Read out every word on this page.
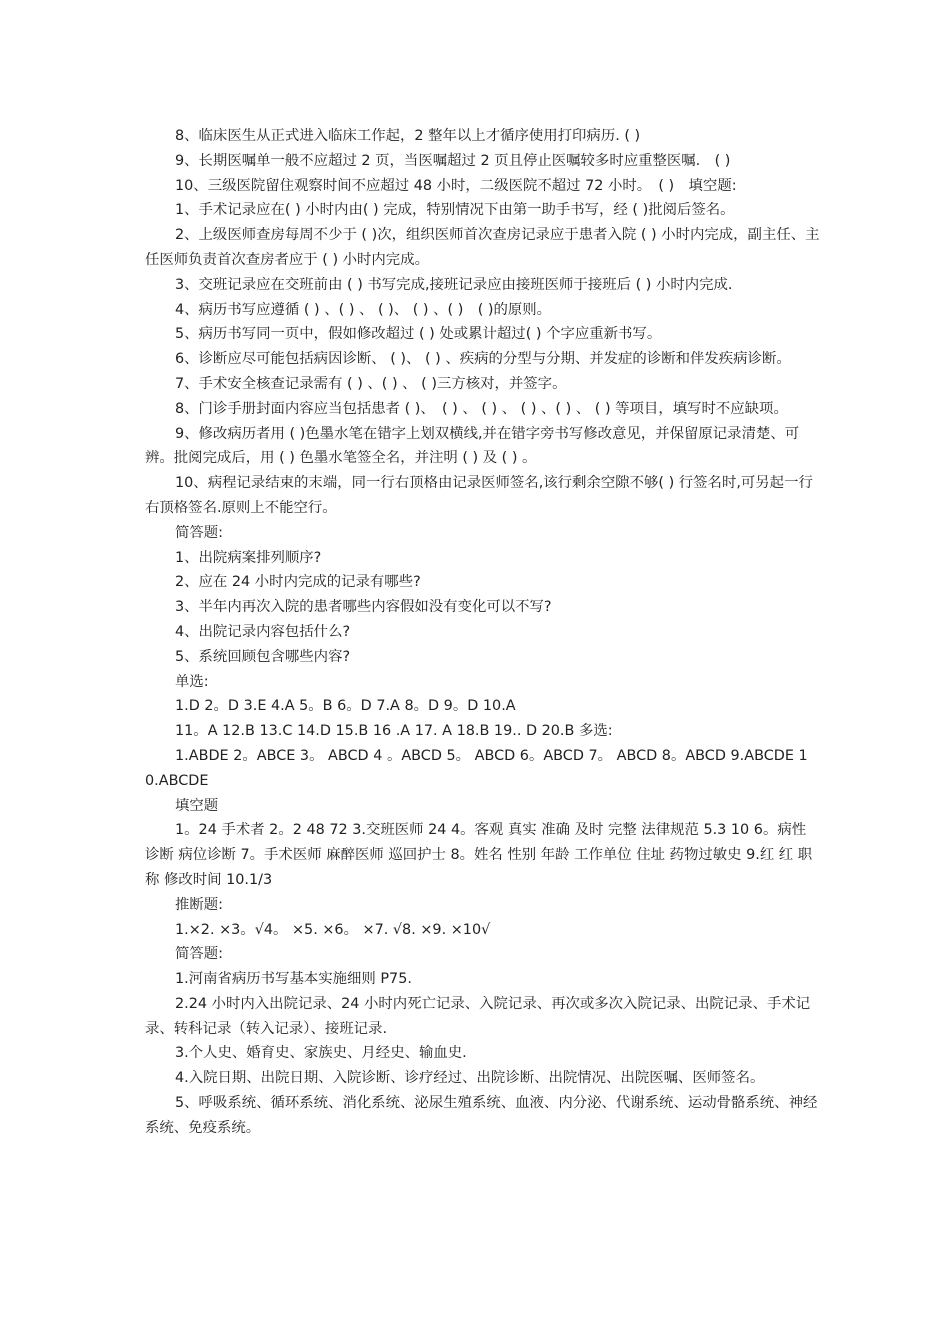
8、临床医生从正式进入临床工作起，2 整年以上才循序使用打印病历. ( )

9、长期医嘱单一般不应超过 2 页，当医嘱超过 2 页且停止医嘱较多时应重整医嘱.　( )

10、三级医院留住观察时间不应超过 48 小时，二级医院不超过 72 小时。　( )　填空题:

1、手术记录应在( ) 小时内由( ) 完成，特别情况下由第一助手书写，经 ( )批阅后签名。

2、上级医师查房每周不少于 ( )次，组织医师首次查房记录应于患者入院 ( ) 小时内完成，副主任、主任医师负责首次查房者应于 ( ) 小时内完成。

3、交班记录应在交班前由 ( ) 书写完成,接班记录应由接班医师于接班后 ( ) 小时内完成.

4、病历书写应遵循 ( ) 、( ) 、 ( )、 ( ) 、( )　( )的原则。

5、病历书写同一页中，假如修改超过 ( ) 处或累计超过( ) 个字应重新书写。

6、诊断应尽可能包括病因诊断、 ( )、 ( ) 、疾病的分型与分期、并发症的诊断和伴发疾病诊断。

7、手术安全核查记录需有 ( ) 、( ) 、 ( )三方核对，并签字。

8、门诊手册封面内容应当包括患者 ( )、　( ) 、 ( ) 、 ( ) 、( ) 、 ( ) 等项目，填写时不应缺项。

9、修改病历者用 ( )色墨水笔在错字上划双横线,并在错字旁书写修改意见，并保留原记录清楚、可辨。批阅完成后，用 ( ) 色墨水笔签全名，并注明 ( ) 及 ( ) 。

10、病程记录结束的末端，同一行右顶格由记录医师签名,该行剩余空隙不够( ) 行签名时,可另起一行右顶格签名.原则上不能空行。

简答题:

1、出院病案排列顺序?

2、应在 24 小时内完成的记录有哪些?

3、半年内再次入院的患者哪些内容假如没有变化可以不写?

4、出院记录内容包括什么?

5、系统回顾包含哪些内容?

单选:

1.D 2。D 3.E 4.A 5。B 6。D 7.A 8。D 9。D 10.A

11。A 12.B 13.C 14.D 15.B 16 .A 17. A 18.B 19.. D 20.B 多选:

1.ABDE 2。ABCE 3。 ABCD 4 。ABCD 5。 ABCD 6。ABCD 7。 ABCD 8。ABCD 9.ABCDE 10.ABCDE

填空题

1。24 手术者 2。2 48 72 3.交班医师 24 4。客观 真实 准确 及时 完整 法律规范 5.3 10 6。病性诊断 病位诊断 7。手术医师 麻醉医师 巡回护士 8。姓名 性别 年龄 工作单位 住址 药物过敏史 9.红 红 职称 修改时间 10.1/3

推断题:

1.×2. ×3。√4。 ×5. ×6。 ×7. √8. ×9. ×10√

简答题:

1.河南省病历书写基本实施细则 P75.

2.24 小时内入出院记录、24 小时内死亡记录、入院记录、再次或多次入院记录、出院记录、手术记录、转科记录（转入记录）、接班记录.

3.个人史、婚育史、家族史、月经史、输血史.

4.入院日期、出院日期、入院诊断、诊疗经过、出院诊断、出院情况、出院医嘱、医师签名。

5、呼吸系统、循环系统、消化系统、泌尿生殖系统、血液、内分泌、代谢系统、运动骨骼系统、神经系统、免疫系统。
